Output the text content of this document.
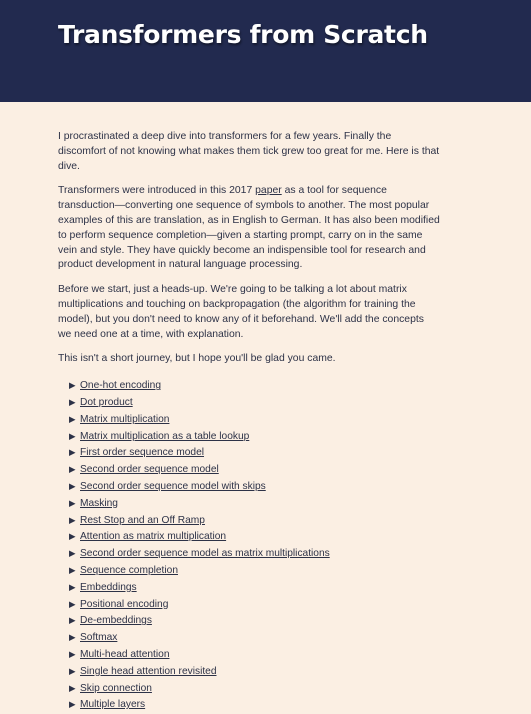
Transformers from Scratch

I procrastinated a deep dive into transformers for a few years. Finally the discomfort of not knowing what makes them tick grew too great for me. Here is that dive.

Transformers were introduced in this 2017 paper as a tool for sequence transduction—converting one sequence of symbols to another. The most popular examples of this are translation, as in English to German. It has also been modified to perform sequence completion—given a starting prompt, carry on in the same vein and style. They have quickly become an indispensible tool for research and product development in natural language processing.

Before we start, just a heads-up. We're going to be talking a lot about matrix multiplications and touching on backpropagation (the algorithm for training the model), but you don't need to know any of it beforehand. We'll add the concepts we need one at a time, with explanation.

This isn't a short journey, but I hope you'll be glad you came.

▶ One-hot encoding
▶ Dot product
▶ Matrix multiplication
▶ Matrix multiplication as a table lookup
▶ First order sequence model
▶ Second order sequence model
▶ Second order sequence model with skips
▶ Masking
▶ Rest Stop and an Off Ramp
▶ Attention as matrix multiplication
▶ Second order sequence model as matrix multiplications
▶ Sequence completion
▶ Embeddings
▶ Positional encoding
▶ De-embeddings
▶ Softmax
▶ Multi-head attention
▶ Single head attention revisited
▶ Skip connection
▶ Multiple layers
